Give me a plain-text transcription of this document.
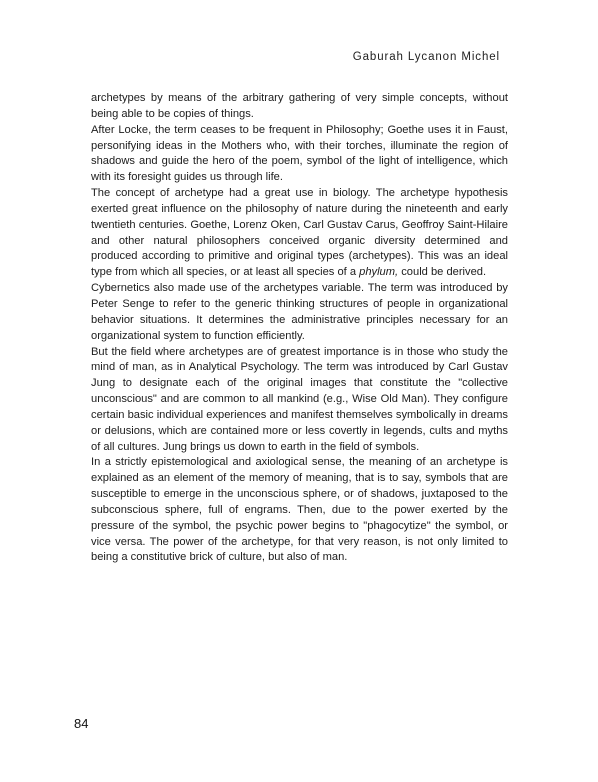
Gaburah Lycanon Michel

archetypes by means of the arbitrary gathering of very simple concepts, without being able to be copies of things.

After Locke, the term ceases to be frequent in Philosophy; Goethe uses it in Faust, personifying ideas in the Mothers who, with their torches, illuminate the region of shadows and guide the hero of the poem, symbol of the light of intelligence, which with its foresight guides us through life.

The concept of archetype had a great use in biology. The archetype hypothesis exerted great influence on the philosophy of nature during the nineteenth and early twentieth centuries. Goethe, Lorenz Oken, Carl Gustav Carus, Geoffroy Saint-Hilaire and other natural philosophers conceived organic diversity determined and produced according to primitive and original types (archetypes). This was an ideal type from which all species, or at least all species of a phylum, could be derived.

Cybernetics also made use of the archetypes variable. The term was introduced by Peter Senge to refer to the generic thinking structures of people in organizational behavior situations. It determines the administrative principles necessary for an organizational system to function efficiently.

But the field where archetypes are of greatest importance is in those who study the mind of man, as in Analytical Psychology. The term was introduced by Carl Gustav Jung to designate each of the original images that constitute the "collective unconscious" and are common to all mankind (e.g., Wise Old Man). They configure certain basic individual experiences and manifest themselves symbolically in dreams or delusions, which are contained more or less covertly in legends, cults and myths of all cultures. Jung brings us down to earth in the field of symbols.

In a strictly epistemological and axiological sense, the meaning of an archetype is explained as an element of the memory of meaning, that is to say, symbols that are susceptible to emerge in the unconscious sphere, or of shadows, juxtaposed to the subconscious sphere, full of engrams. Then, due to the power exerted by the pressure of the symbol, the psychic power begins to "phagocytize" the symbol, or vice versa. The power of the archetype, for that very reason, is not only limited to being a constitutive brick of culture, but also of man.

84
